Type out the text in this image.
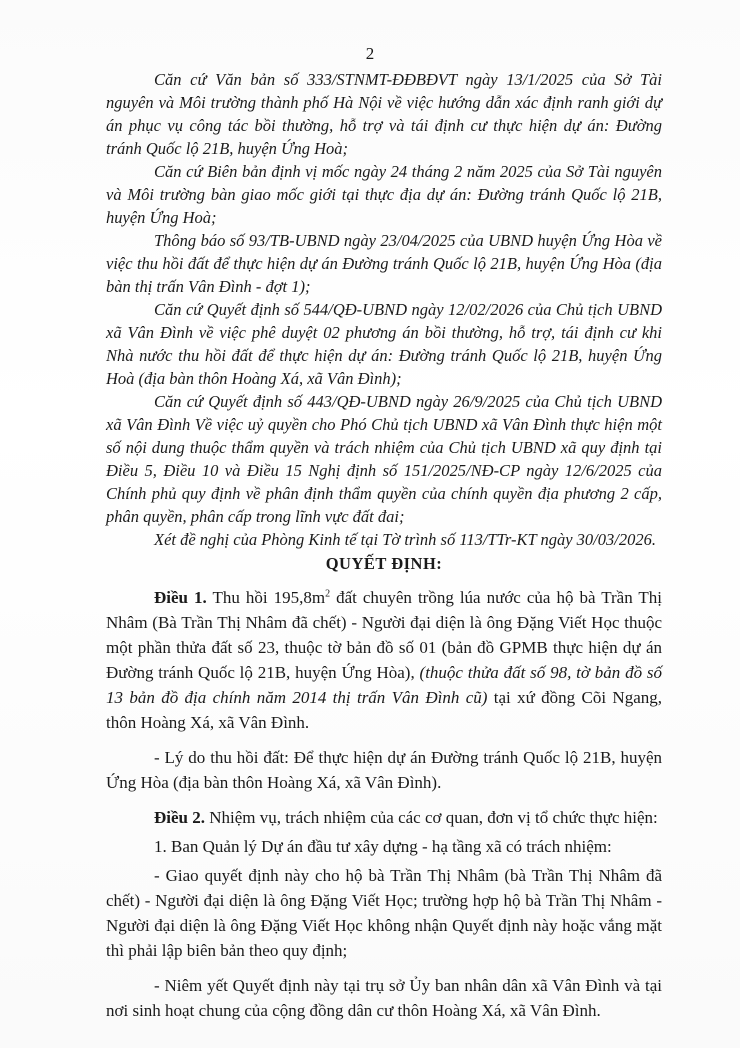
2

Căn cứ Văn bản số 333/STNMT-ĐĐBĐVT ngày 13/1/2025 của Sở Tài nguyên và Môi trường thành phố Hà Nội về việc hướng dẫn xác định ranh giới dự án phục vụ công tác bồi thường, hỗ trợ và tái định cư thực hiện dự án: Đường tránh Quốc lộ 21B, huyện Ứng Hoà;

Căn cứ Biên bản định vị mốc ngày 24 tháng 2 năm 2025 của Sở Tài nguyên và Môi trường bàn giao mốc giới tại thực địa dự án: Đường tránh Quốc lộ 21B, huyện Ứng Hoà;

Thông báo số 93/TB-UBND ngày 23/04/2025 của UBND huyện Ứng Hòa về việc thu hồi đất để thực hiện dự án Đường tránh Quốc lộ 21B, huyện Ứng Hòa (địa bàn thị trấn Vân Đình - đợt 1);

Căn cứ Quyết định số 544/QĐ-UBND ngày 12/02/2026 của Chủ tịch UBND xã Vân Đình về việc phê duyệt 02 phương án bồi thường, hỗ trợ, tái định cư khi Nhà nước thu hồi đất để thực hiện dự án: Đường tránh Quốc lộ 21B, huyện Ứng Hoà (địa bàn thôn Hoàng Xá, xã Vân Đình);

Căn cứ Quyết định số 443/QĐ-UBND ngày 26/9/2025 của Chủ tịch UBND xã Vân Đình Về việc uỷ quyền cho Phó Chủ tịch UBND xã Vân Đình thực hiện một số nội dung thuộc thẩm quyền và trách nhiệm của Chủ tịch UBND xã quy định tại Điều 5, Điều 10 và Điều 15 Nghị định số 151/2025/NĐ-CP ngày 12/6/2025 của Chính phủ quy định về phân định thẩm quyền của chính quyền địa phương 2 cấp, phân quyền, phân cấp trong lĩnh vực đất đai;

Xét đề nghị của Phòng Kinh tế tại Tờ trình số 113/TTr-KT ngày 30/03/2026.

QUYẾT ĐỊNH:

Điều 1. Thu hồi $195,8m^2$ đất chuyên trồng lúa nước của hộ bà Trần Thị Nhâm (Bà Trần Thị Nhâm đã chết) - Người đại diện là ông Đặng Viết Học thuộc một phần thửa đất số 23, thuộc tờ bản đồ số 01 (bản đồ GPMB thực hiện dự án Đường tránh Quốc lộ 21B, huyện Ứng Hòa), (thuộc thửa đất số 98, tờ bản đồ số 13 bản đồ địa chính năm 2014 thị trấn Vân Đình cũ) tại xứ đồng Cõi Ngang, thôn Hoàng Xá, xã Vân Đình.

- Lý do thu hồi đất: Để thực hiện dự án Đường tránh Quốc lộ 21B, huyện Ứng Hòa (địa bàn thôn Hoàng Xá, xã Vân Đình).

Điều 2. Nhiệm vụ, trách nhiệm của các cơ quan, đơn vị tổ chức thực hiện:

1. Ban Quản lý Dự án đầu tư xây dựng - hạ tầng xã có trách nhiệm:

- Giao quyết định này cho hộ bà Trần Thị Nhâm (bà Trần Thị Nhâm đã chết) - Người đại diện là ông Đặng Viết Học; trường hợp hộ bà Trần Thị Nhâm - Người đại diện là ông Đặng Viết Học không nhận Quyết định này hoặc vắng mặt thì phải lập biên bản theo quy định;

- Niêm yết Quyết định này tại trụ sở Ủy ban nhân dân xã Vân Đình và tại nơi sinh hoạt chung của cộng đồng dân cư thôn Hoàng Xá, xã Vân Đình.
